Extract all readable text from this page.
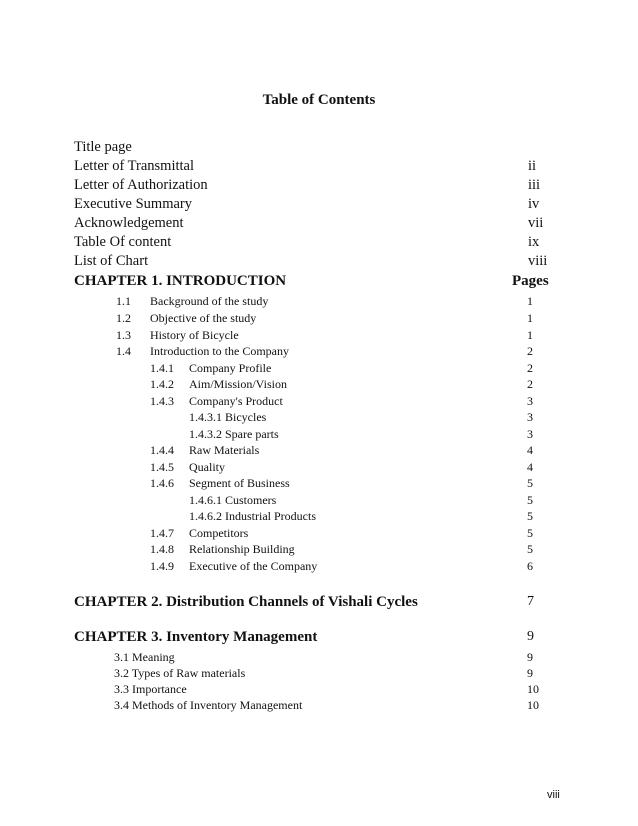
Table of Contents
Title page
Letter of Transmittal	ii
Letter of Authorization	iii
Executive Summary	iv
Acknowledgement	vii
Table Of content	ix
List of Chart	viii
CHAPTER 1. INTRODUCTION	Pages
1.1 Background of the study	1
1.2 Objective of the study	1
1.3 History of Bicycle	1
1.4 Introduction to the Company	2
1.4.1 Company Profile	2
1.4.2 Aim/Mission/Vision	2
1.4.3 Company's Product	3
1.4.3.1 Bicycles	3
1.4.3.2 Spare parts	3
1.4.4 Raw Materials	4
1.4.5 Quality	4
1.4.6 Segment of Business	5
1.4.6.1 Customers	5
1.4.6.2 Industrial Products	5
1.4.7 Competitors	5
1.4.8 Relationship Building	5
1.4.9 Executive of the Company	6
CHAPTER 2. Distribution Channels of Vishali Cycles	7
CHAPTER 3. Inventory Management	9
3.1 Meaning	9
3.2 Types of Raw materials	9
3.3 Importance	10
3.4 Methods of Inventory Management	10
viii
